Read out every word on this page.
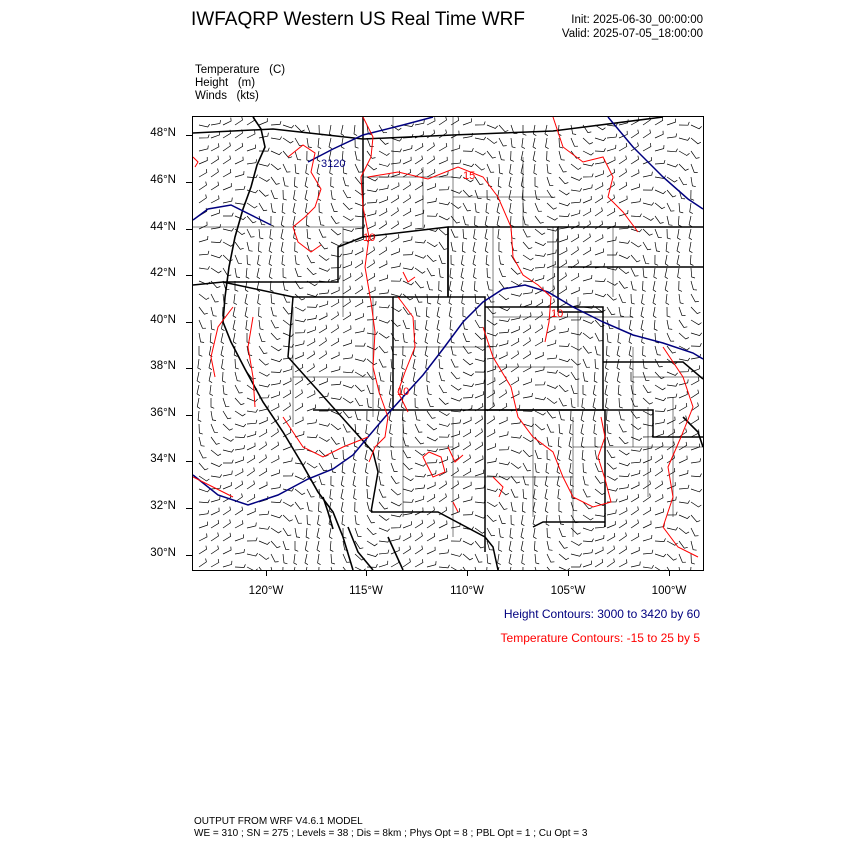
IWFAQRP Western US Real Time WRF	Init: 2025-06-30_00:00:00
Valid: 2025-07-05_18:00:00
Temperature   (C)
Height   (m)
Winds   (kts)
48°N
46°N
44°N
42°N
40°N
38°N
36°N
34°N
32°N
30°N
120°W	115°W	110°W	105°W	100°W
3120
15
10
10
10
Height Contours: 3000 to 3420 by 60
Temperature Contours: -15 to 25 by 5
OUTPUT FROM WRF V4.6.1 MODEL
WE = 310 ; SN = 275 ; Levels = 38 ; Dis = 8km ; Phys Opt = 8 ; PBL Opt = 1 ; Cu Opt = 3
